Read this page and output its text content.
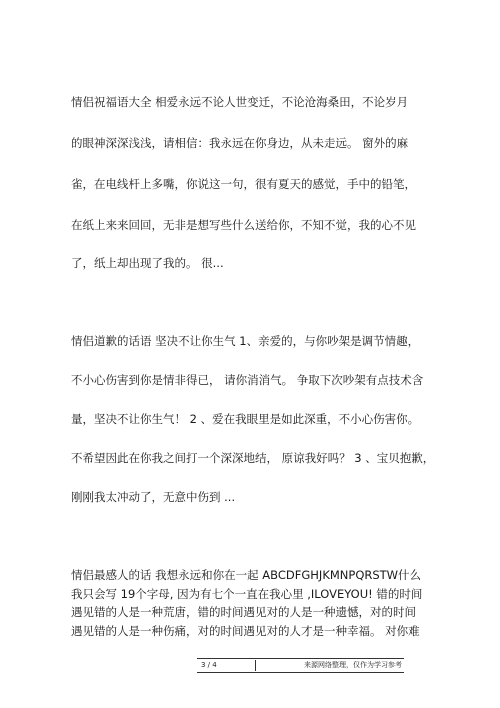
情侣祝福语大全 相爱永远不论人世变迁，不论沧海桑田，不论岁月
的眼神深深浅浅，请相信：我永远在你身边，从未走远。 窗外的麻
雀，在电线杆上多嘴，你说这一句，很有夏天的感觉，手中的铅笔，
在纸上来来回回，无非是想写些什么送给你，不知不觉，我的心不见
了，纸上却出现了我的。 很...
情侣道歉的话语 坚决不让你生气 1、亲爱的，与你吵架是调节情趣，
不小心伤害到你是情非得已， 请你消消气。 争取下次吵架有点技术含
量，坚决不让你生气！ 2 、爱在我眼里是如此深重，不小心伤害你。
不希望因此在你我之间打一个深深地结， 原谅我好吗？ 3 、宝贝抱歉，
刚刚我太冲动了，无意中伤到 ...
情侣最感人的话 我想永远和你在一起 ABCDFGHJKMNPQRSTW什么
我只会写 19个字母, 因为有七个一直在我心里 ,ILOVEYOU! 错的时间
遇见错的人是一种荒唐，错的时间遇见对的人是一种遗憾，对的时间
遇见错的人是一种伤痛，对的时间遇见对的人才是一种幸福。 对你难
3 / 4	来源网络整理，仅作为学习参考
